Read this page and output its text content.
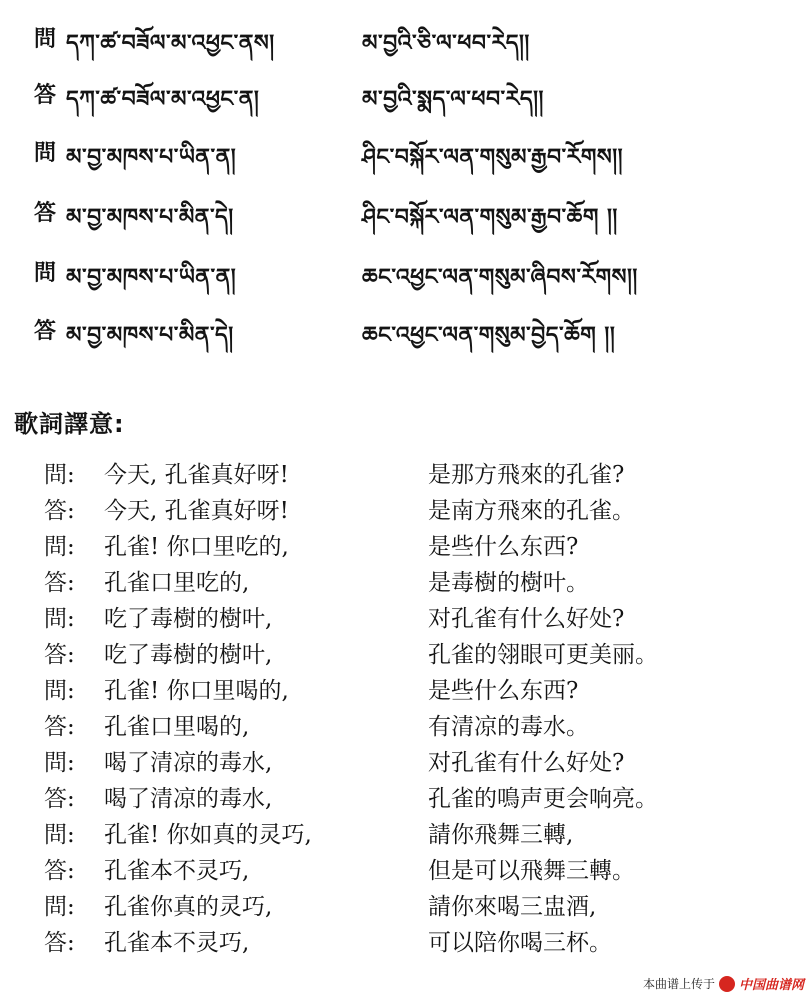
問 དཀ་ཚ་བཟོལ་མ་འཕྱང་ནས།	མ་བྱའི་ཅི་ལ་ཕབ་རེད།།
答 དཀ་ཚ་བཟོལ་མ་འཕྱང་ན།	མ་བྱའི་སྨད་ལ་ཕབ་རེད།།
問 མ་བྱ་མཁས་པ་ཡིན་ན།	ཤིང་བསྐོར་ལན་གསུམ་རྒྱབ་རོགས།།
答 མ་བྱ་མཁས་པ་མིན་དེ།	ཤིང་བསྐོར་ལན་གསུམ་རྒྱབ་ཆོག །།
問 མ་བྱ་མཁས་པ་ཡིན་ན།	ཆང་འཕྱང་ལན་གསུམ་ཞིབས་རོགས།།
答 མ་བྱ་མཁས་པ་མིན་དེ།	ཆང་འཕྱང་ལན་གསུམ་བྱེད་ཆོག །།
歌詞譯意:
問: 今天, 孔雀真好呀!	是那方飛來的孔雀?
答: 今天, 孔雀真好呀!	是南方飛來的孔雀。
問: 孔雀! 你口里吃的,	是些什么东西?
答: 孔雀口里吃的,	是毒樹的樹叶。
問: 吃了毒樹的樹叶,	对孔雀有什么好处?
答: 吃了毒樹的樹叶,	孔雀的翎眼可更美丽。
問: 孔雀! 你口里喝的,	是些什么东西?
答: 孔雀口里喝的,	有清凉的毒水。
問: 喝了清凉的毒水,	对孔雀有什么好处?
答: 喝了清凉的毒水,	孔雀的鳴声更会响亮。
問: 孔雀! 你如真的灵巧,	請你飛舞三轉,
答: 孔雀本不灵巧,	但是可以飛舞三轉。
問: 孔雀你真的灵巧,	請你來喝三盅酒,
答: 孔雀本不灵巧,	可以陪你喝三杯。
本曲谱上传于 中国曲谱网
